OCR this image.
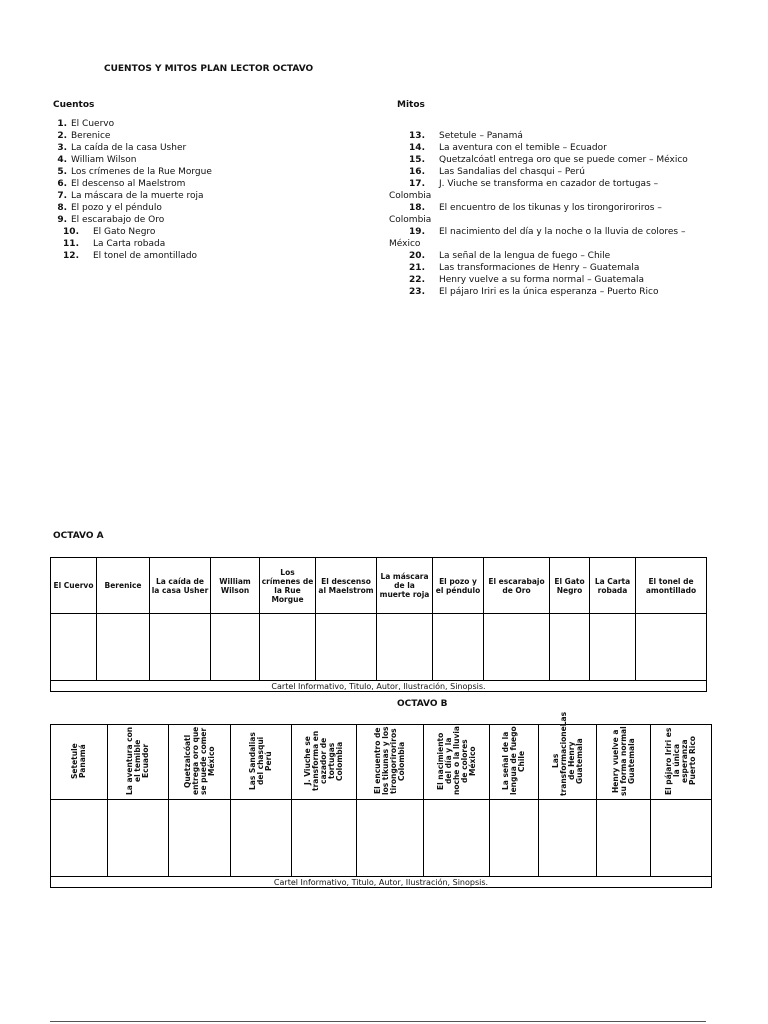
CUENTOS Y MITOS PLAN LECTOR OCTAVO
Cuentos	Mitos
1. El Cuervo
2. Berenice
3. La caída de la casa Usher
4. William Wilson
5. Los crímenes de la Rue Morgue
6. El descenso al Maelstrom
7. La máscara de la muerte roja
8. El pozo y el péndulo
9. El escarabajo de Oro
10. El Gato Negro
11. La Carta robada
12. El tonel de amontillado
13. Setetule – Panamá
14. La aventura con el temible – Ecuador
15. Quetzalcóatl entrega oro que se puede comer – México
16. Las Sandalias del chasqui – Perú
17. J. Viuche se transforma en cazador de tortugas –
Colombia
18. El encuentro de los tikunas y los tirongoriroriros –
Colombia
19. El nacimiento del día y la noche o la lluvia de colores –
México
20. La señal de la lengua de fuego – Chile
21. Las transformaciones de Henry – Guatemala
22. Henry vuelve a su forma normal – Guatemala
23. El pájaro Iriri es la única esperanza – Puerto Rico
OCTAVO A
El Cuervo	Berenice	La caída de la casa Usher	William Wilson	Los crímenes de la Rue Morgue	El descenso al Maelstrom	La máscara de la muerte roja	El pozo y el péndulo	El escarabajo de Oro	El Gato Negro	La Carta robada	El tonel de amontillado

Cartel Informativo, Titulo, Autor, Ilustración, Sinopsis.											
OCTAVO B
Setetule Panamá	La aventura con el temible Ecuador	Quetzalcóatl entrega oro que se puede comer México	Las Sandalias del chasqui Perú	J. Viuche se transforma en cazador de tortugas Colombia	El encuentro de los tikunas y los tirongoriroriros Colombia	El nacimiento del día y la noche o la lluvia de colores México	La señal de la lengua de fuego Chile	Las transformacioneLas de Henry Guatemala	Henry vuelve a su forma normal Guatemala	El pájaro Iriri es la única esperanza Puerto Rico

Cartel Informativo, Titulo, Autor, Ilustración, Sinopsis.										
